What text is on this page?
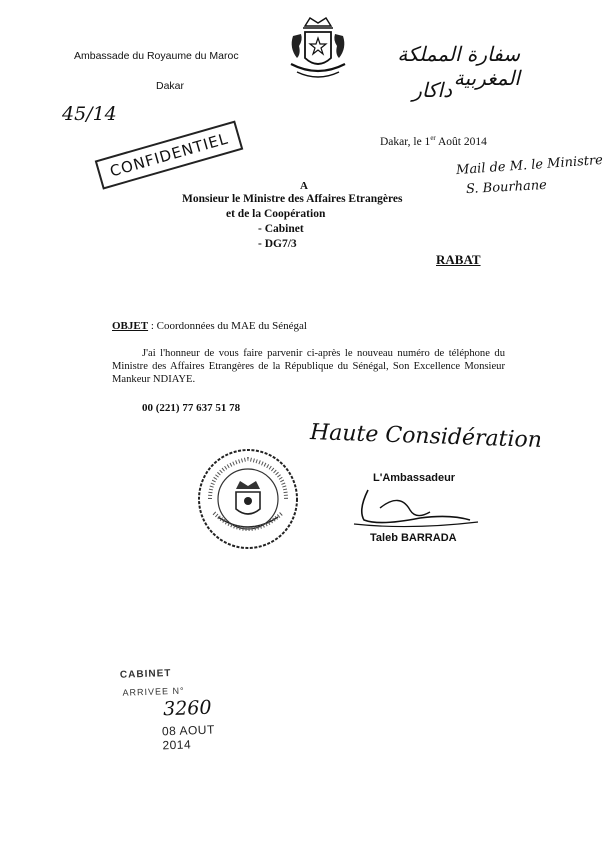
Ambassade du Royaume du Maroc
Dakar
سفارة المملكة المغربية
داكار
45/14
CONFIDENTIEL	Dakar, le 1er Août 2014
Mail de M. le Ministre
S. Bourhane
A
Monsieur le Ministre des Affaires Etrangères
et de la Coopération
- Cabinet
- DG7/3
RABAT
OBJET : Coordonnées du MAE du Sénégal
J'ai l'honneur de vous faire parvenir ci-après le nouveau numéro de téléphone du Ministre des Affaires Etrangères de la République du Sénégal, Son Excellence Monsieur Mankeur NDIAYE.
00 (221) 77 637 51 78
Haute Considération
L'Ambassadeur
Taleb BARRADA
CABINET
ARRIVEE N°
3260
08 AOUT 2014
